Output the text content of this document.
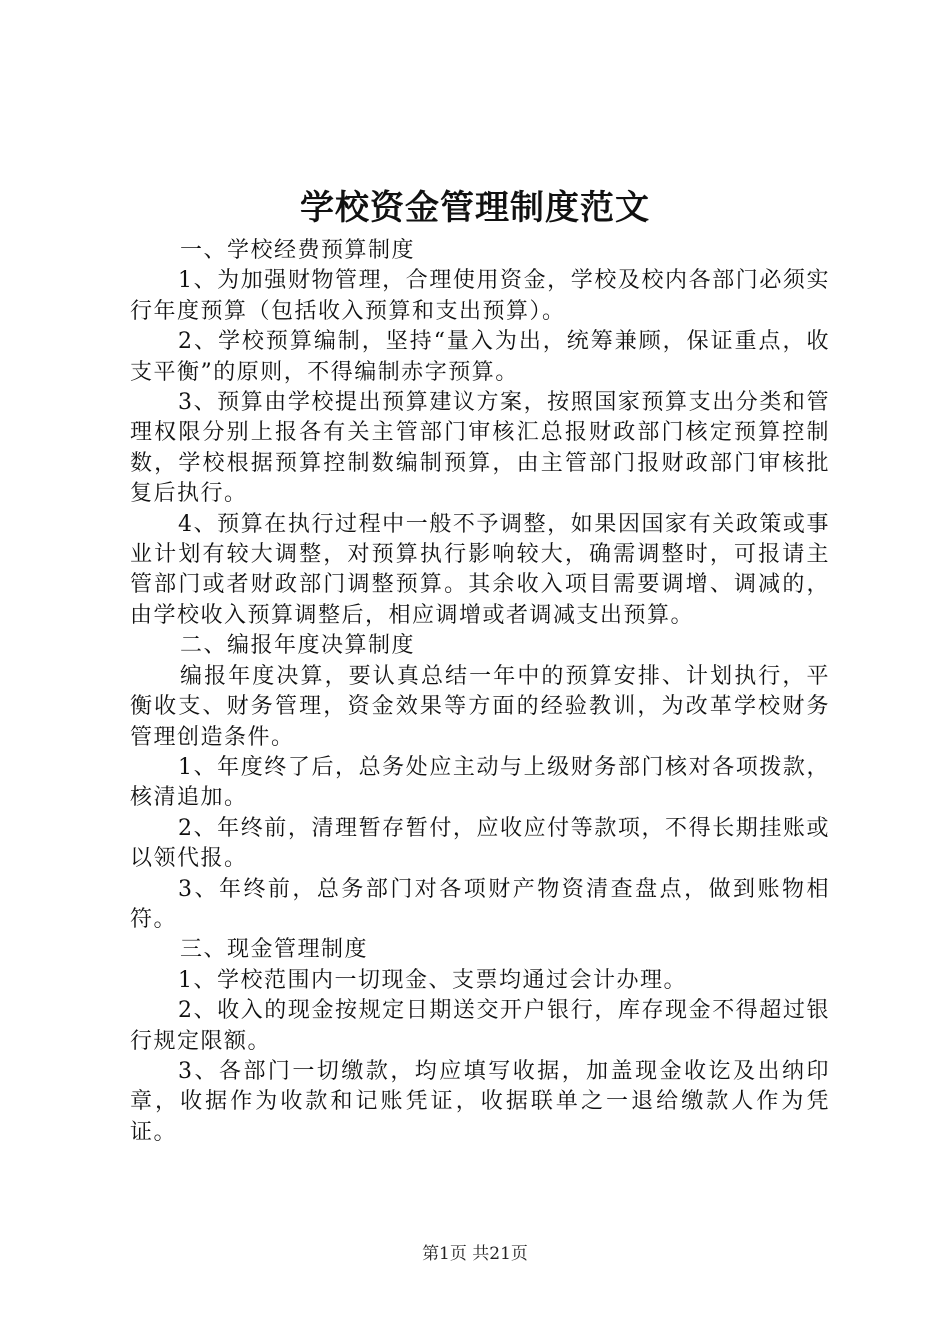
学校资金管理制度范文

一、学校经费预算制度

1、为加强财物管理，合理使用资金，学校及校内各部门必须实行年度预算（包括收入预算和支出预算）。

2、学校预算编制，坚持“量入为出，统筹兼顾，保证重点，收支平衡”的原则，不得编制赤字预算。

3、预算由学校提出预算建议方案，按照国家预算支出分类和管理权限分别上报各有关主管部门审核汇总报财政部门核定预算控制数，学校根据预算控制数编制预算，由主管部门报财政部门审核批复后执行。

4、预算在执行过程中一般不予调整，如果因国家有关政策或事业计划有较大调整，对预算执行影响较大，确需调整时，可报请主管部门或者财政部门调整预算。其余收入项目需要调增、调减的，由学校收入预算调整后，相应调增或者调减支出预算。

二、编报年度决算制度

编报年度决算，要认真总结一年中的预算安排、计划执行，平衡收支、财务管理，资金效果等方面的经验教训，为改革学校财务管理创造条件。

1、年度终了后，总务处应主动与上级财务部门核对各项拨款，核清追加。

2、年终前，清理暂存暂付，应收应付等款项，不得长期挂账或以领代报。

3、年终前，总务部门对各项财产物资清查盘点，做到账物相符。

三、现金管理制度

1、学校范围内一切现金、支票均通过会计办理。

2、收入的现金按规定日期送交开户银行，库存现金不得超过银行规定限额。

3、各部门一切缴款，均应填写收据，加盖现金收讫及出纳印章，收据作为收款和记账凭证，收据联单之一退给缴款人作为凭证。

第1页 共21页
